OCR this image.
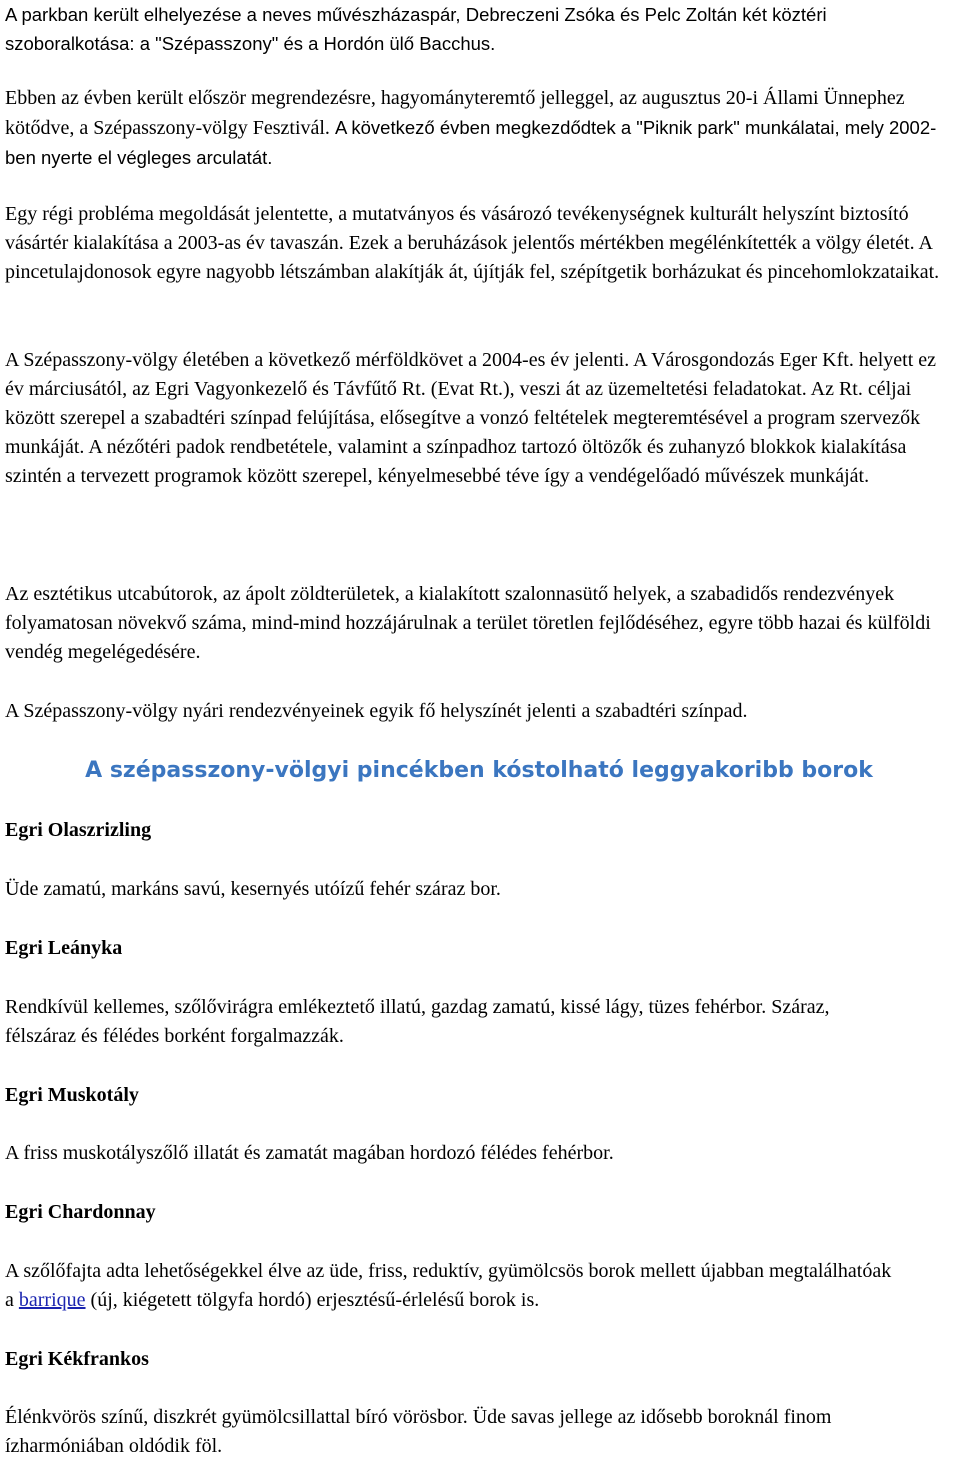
A parkban került elhelyezése a neves művészházaspár, Debreczeni Zsóka és Pelc Zoltán két köztéri szoboralkotása: a "Szépasszony" és a Hordón ülő Bacchus.

Ebben az évben került először megrendezésre, hagyományteremtő jelleggel, az augusztus 20-i Állami Ünnephez kötődve, a Szépasszony-völgy Fesztivál. A következő évben megkezdődtek a "Piknik park" munkálatai, mely 2002-ben nyerte el végleges arculatát.

Egy régi probléma megoldását jelentette, a mutatványos és vásározó tevékenységnek kulturált helyszínt biztosító vásártér kialakítása a 2003-as év tavaszán. Ezek a beruházások jelentős mértékben megélénkítették a völgy életét. A pincetulajdonosok egyre nagyobb létszámban alakítják át, újítják fel, szépítgetik borházukat és pincehomlokzataikat.

A Szépasszony-völgy életében a következő mérföldkövet a 2004-es év jelenti. A Városgondozás Eger Kft. helyett ez év márciusától, az Egri Vagyonkezelő és Távfűtő Rt. (Evat Rt.), veszi át az üzemeltetési feladatokat. Az Rt. céljai között szerepel a szabadtéri színpad felújítása, elősegítve a vonzó feltételek megteremtésével a program szervezők munkáját. A nézőtéri padok rendbetétele, valamint a színpadhoz tartozó öltözők és zuhanyzó blokkok kialakítása szintén a tervezett programok között szerepel, kényelmesebbé téve így a vendégelőadó művészek munkáját.

Az esztétikus utcabútorok, az ápolt zöldterületek, a kialakított szalonnasütő helyek, a szabadidős rendezvények folyamatosan növekvő száma, mind-mind hozzájárulnak a terület töretlen fejlődéséhez, egyre több hazai és külföldi vendég megelégedésére.

A Szépasszony-völgy nyári rendezvényeinek egyik fő helyszínét jelenti a szabadtéri színpad.

A szépasszony-völgyi pincékben kóstolható leggyakoribb borok

Egri Olaszrizling

Üde zamatú, markáns savú, kesernyés utóízű fehér száraz bor.

Egri Leányka

Rendkívül kellemes, szőlővirágra emlékeztető illatú, gazdag zamatú, kissé lágy, tüzes fehérbor. Száraz, félszáraz és félédes borként forgalmazzák.

Egri Muskotály

A friss muskotályszőlő illatát és zamatát magában hordozó félédes fehérbor.

Egri Chardonnay

A szőlőfajta adta lehetőségekkel élve az üde, friss, reduktív, gyümölcsös borok mellett újabban megtalálhatóak a barrique (új, kiégetett tölgyfa hordó) erjesztésű-érlelésű borok is.

Egri Kékfrankos

Élénkvörös színű, diszkrét gyümölcsillattal bíró vörösbor. Üde savas jellege az idősebb boroknál finom ízharmóniában oldódik föl.
